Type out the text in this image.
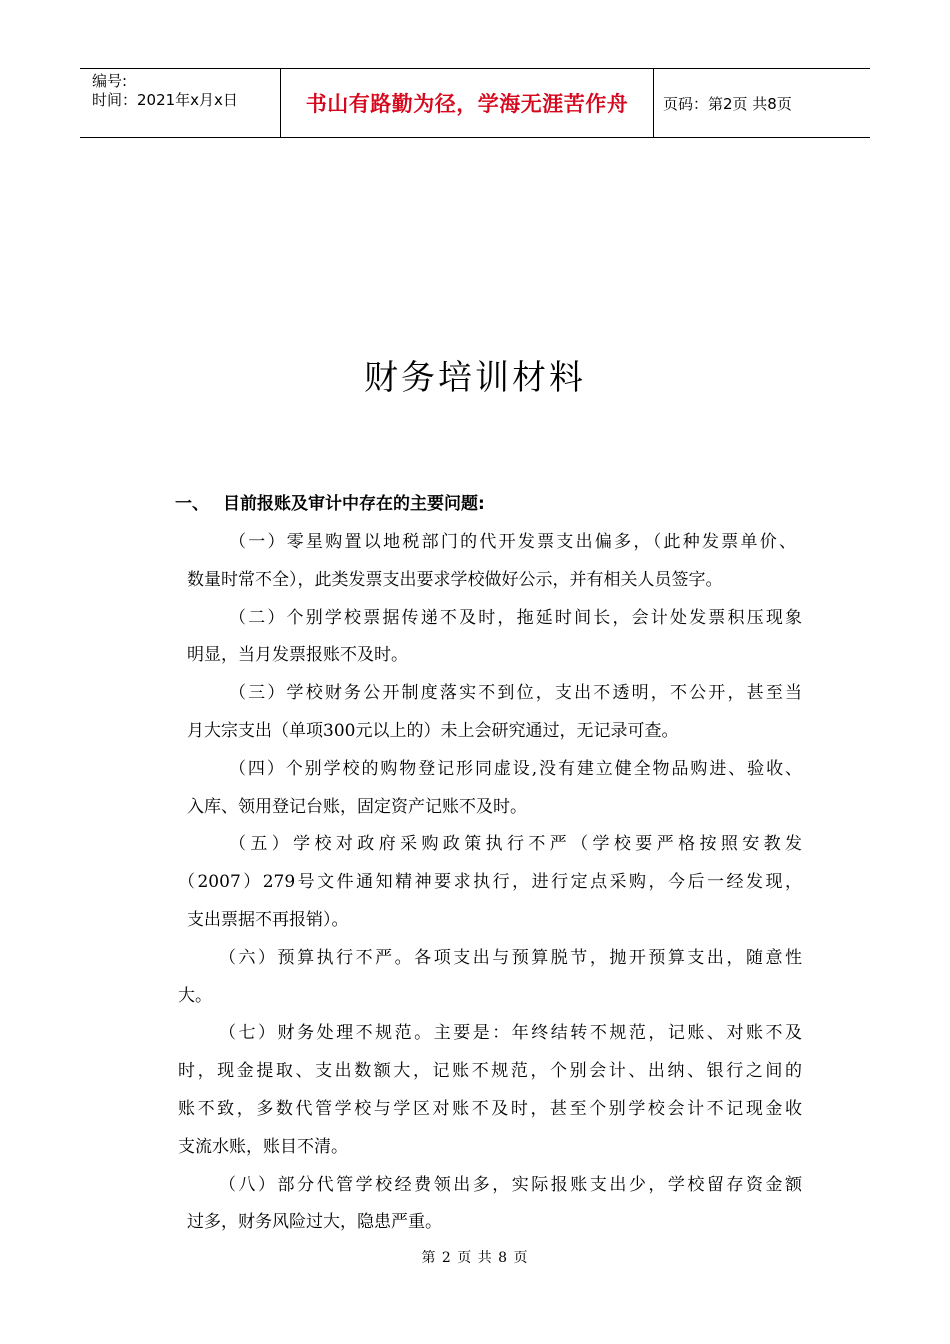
编号:
时间：2021年x月x日	书山有路勤为径，学海无涯苦作舟	页码：第2页 共8页
财务培训材料
一、 目前报账及审计中存在的主要问题:
（一）零星购置以地税部门的代开发票支出偏多，（此种发票单价、
数量时常不全），此类发票支出要求学校做好公示，并有相关人员签字。
（二）个别学校票据传递不及时，拖延时间长，会计处发票积压现象
明显，当月发票报账不及时。
（三）学校财务公开制度落实不到位，支出不透明，不公开，甚至当
月大宗支出（单项300元以上的）未上会研究通过，无记录可查。
（四）个别学校的购物登记形同虚设,没有建立健全物品购进、验收、
入库、领用登记台账，固定资产记账不及时。
（五）学校对政府采购政策执行不严（学校要严格按照安教发
（2007）279号文件通知精神要求执行，进行定点采购，今后一经发现，
支出票据不再报销）。
（六）预算执行不严。各项支出与预算脱节，抛开预算支出，随意性
大。
（七）财务处理不规范。主要是：年终结转不规范，记账、对账不及
时，现金提取、支出数额大，记账不规范，个别会计、出纳、银行之间的
账不致，多数代管学校与学区对账不及时，甚至个别学校会计不记现金收
支流水账，账目不清。
（八）部分代管学校经费领出多，实际报账支出少，学校留存资金额
过多，财务风险过大，隐患严重。
第 2 页 共 8 页
